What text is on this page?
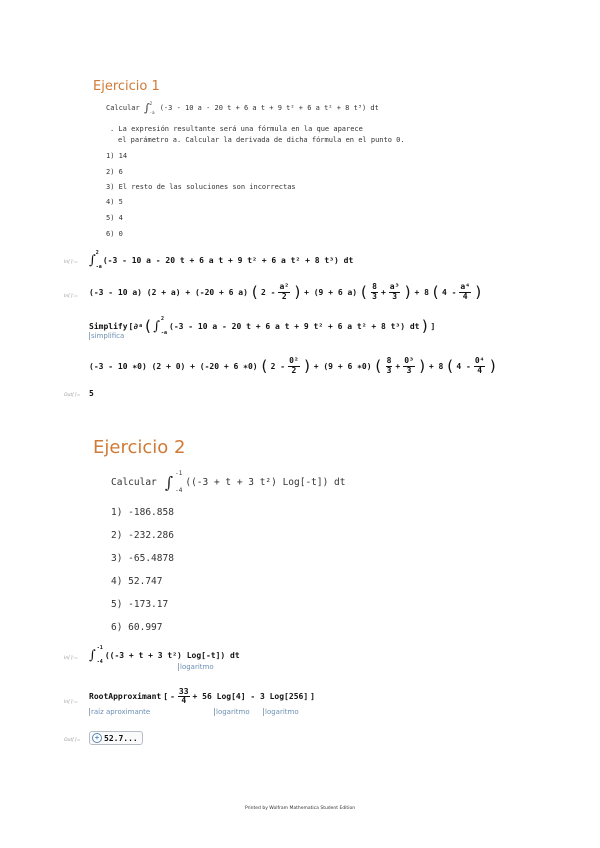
Ejercicio 1
Calcular ∫ 2
-a
(-3 - 10 a - 20 t + 6 a t + 9 t² + 6 a t² + 8 t³) dt
. La expresión resultante será una fórmula en la que aparece
el parámetro a. Calcular la derivada de dicha fórmula en el punto 0.
1) 14
2) 6
3) El resto de las soluciones son incorrectas
4) 5
5) 4
6) 0
In[ ]:= ∫ 2
-a
(-3 - 10 a - 20 t + 6 a t + 9 t² + 6 a t² + 8 t³) dt
In[ ]:= (-3 - 10 a) (2 + a) + (-20 + 6 a) ( $2 - \frac{\text{a²}}{2}$ ) + (9 + 6 a) ( $\frac{8}{3} + \frac{\text{a³}}{3}$ ) + 8 ( $4 - \frac{\text{a⁴}}{4}$ )
Simplify [∂ a ( ∫ 2
-a
(-3 - 10 a - 20 t + 6 a t + 9 t² + 6 a t² + 8 t³) dt ) ]
simplifica
(-3 - 10 ∗0) (2 + 0) + (-20 + 6 ∗0) ( $2 - \frac{\text{0²}}{2}$ ) + (9 + 6 ∗0) ( $\frac{8}{3} + \frac{\text{0³}}{3}$ ) + 8 ( $4 - \frac{\text{0⁴}}{4}$ )
Out[ ]= 5
Ejercicio 2
Calcular ∫ -1
-4
((-3 + t + 3 t²) Log[-t]) dt
1) -186.858
2) -232.286
3) -65.4878
4) 52.747
5) -173.17
6) 60.997
In[ ]:= ∫ -1
-4
((-3 + t + 3 t²) Log[-t]) dt
logaritmo
In[ ]:=
RootApproximant [ - $\frac{33}{4} + 56$ Log[4] - 3 Log[256] ]
raíz aproximante	logaritmo logaritmo
Out[ ]=	+ 52.7...
Printed by Wolfram Mathematica Student Edition
